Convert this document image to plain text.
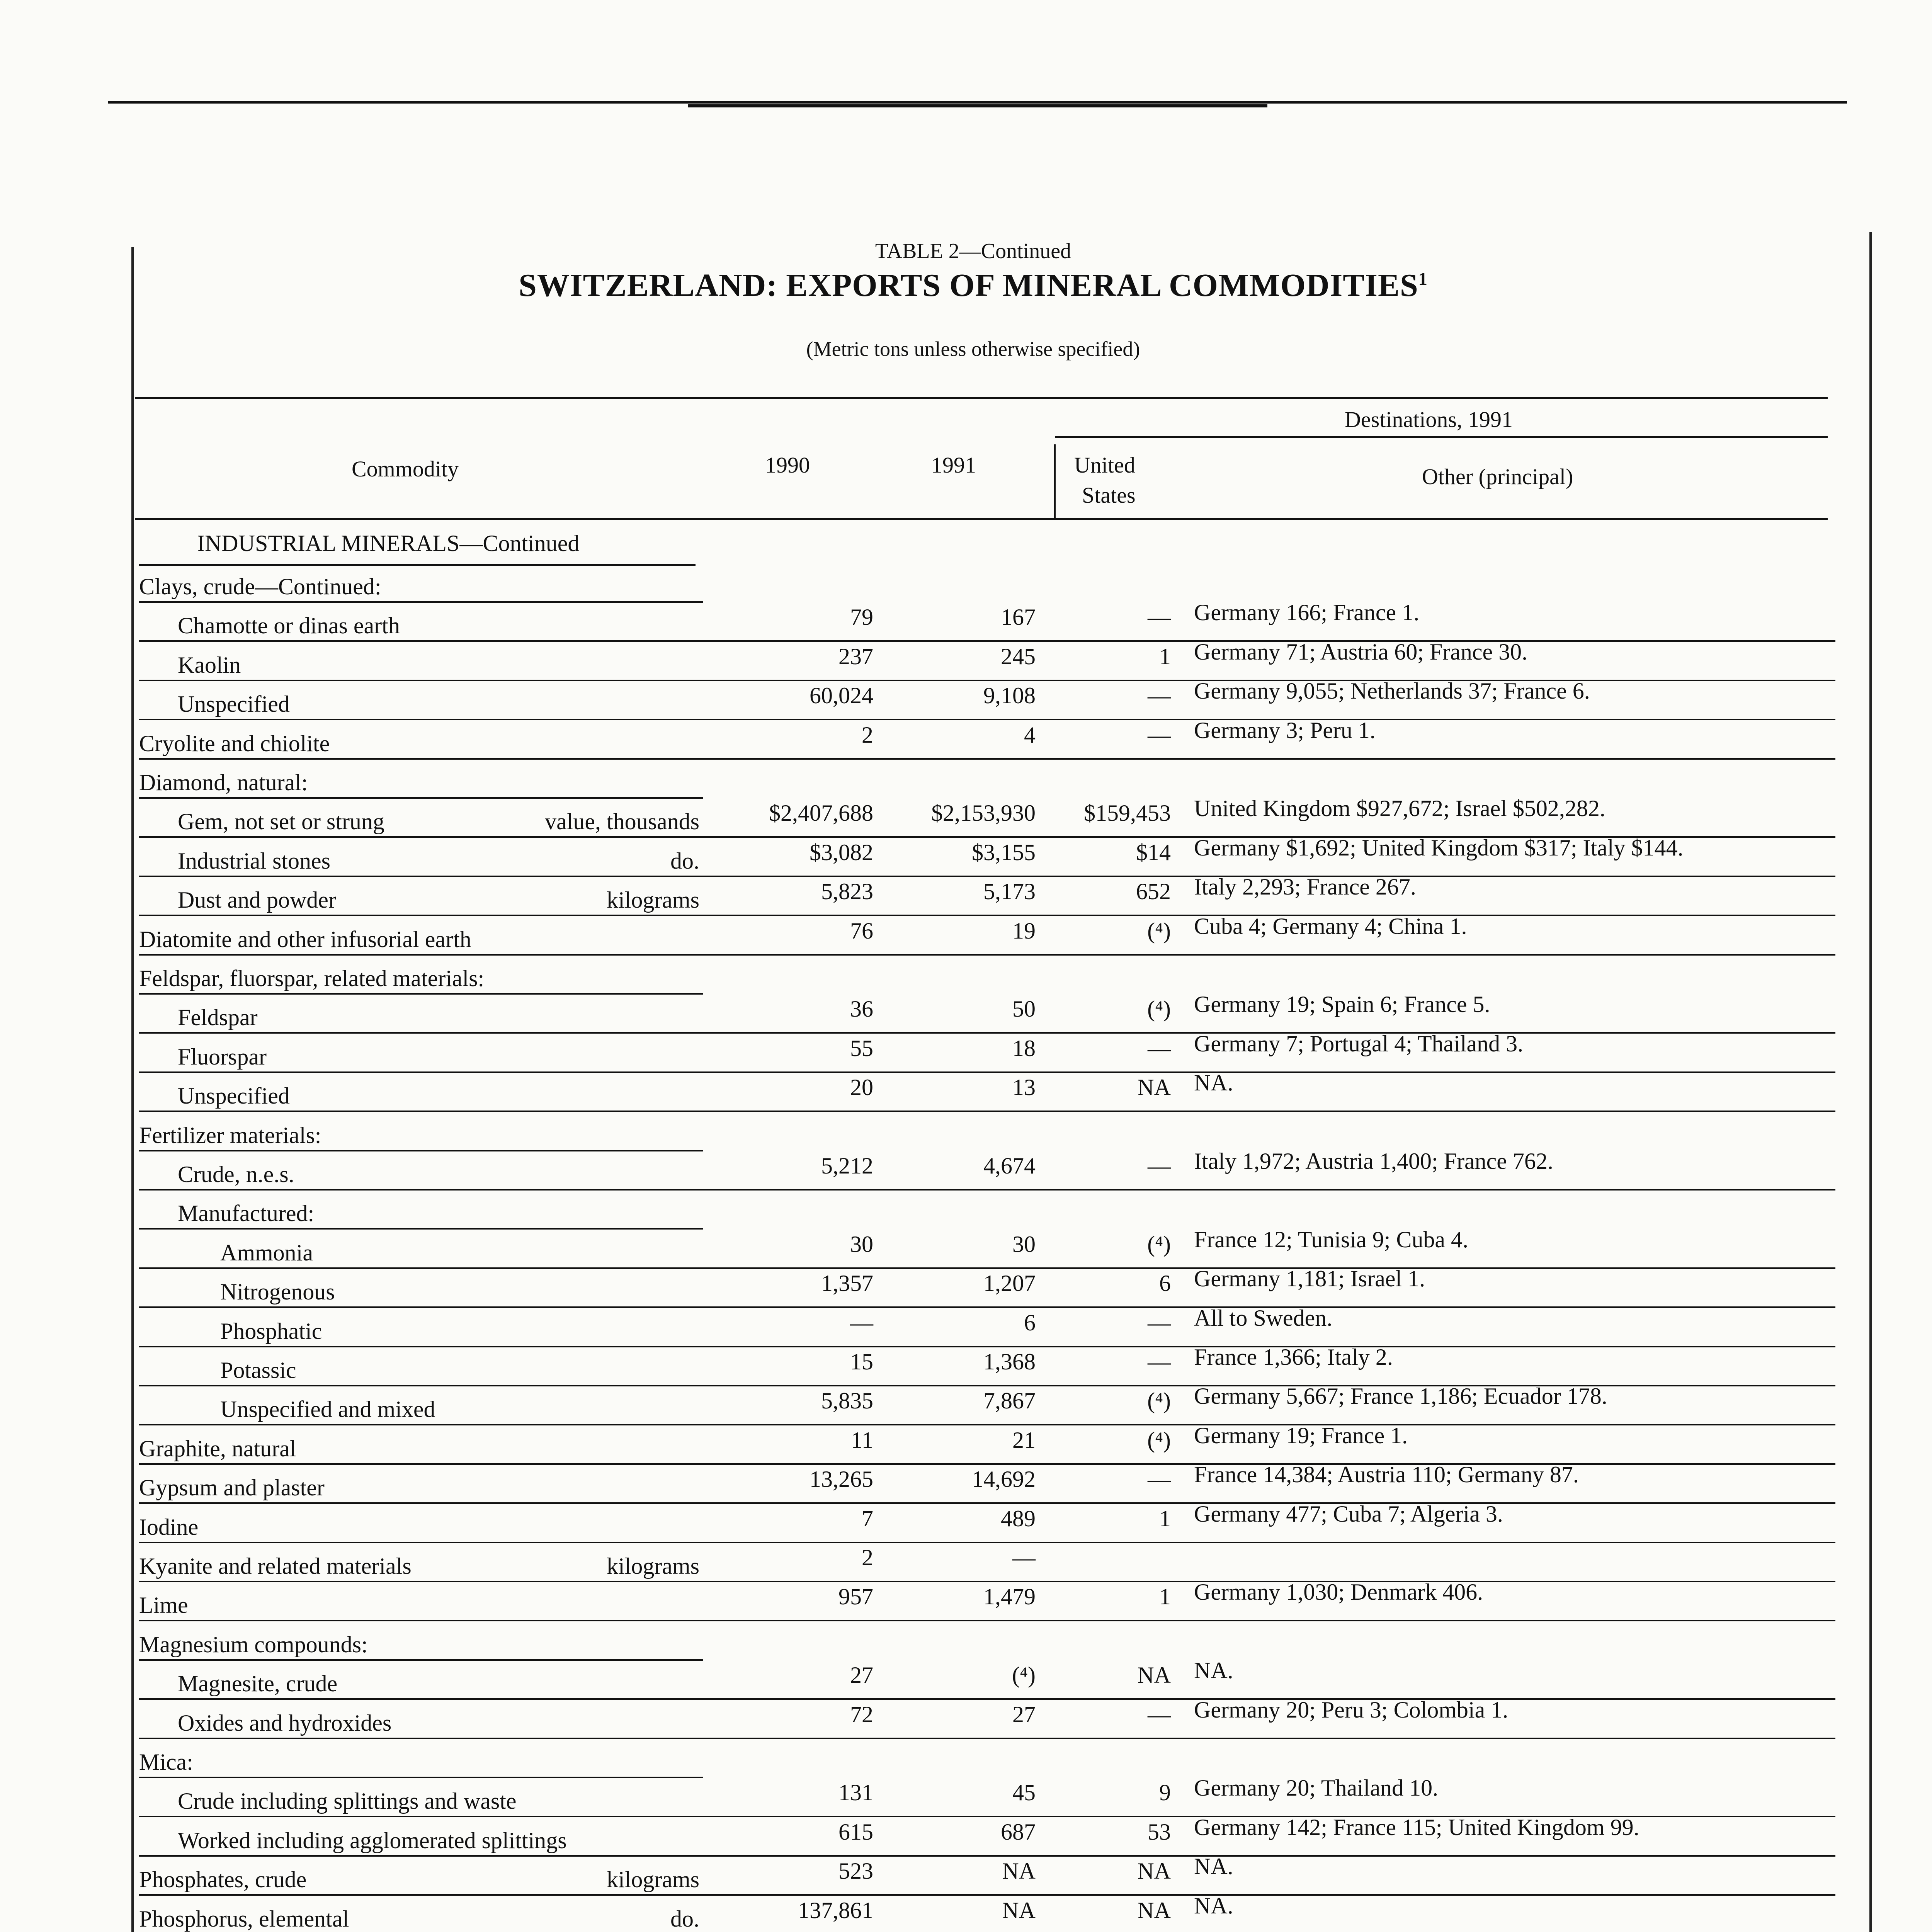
TABLE 2—Continued
SWITZERLAND: EXPORTS OF MINERAL COMMODITIES$^1$
(Metric tons unless otherwise specified)
Commodity	1990	1991
Destinations, 1991
United
States
Other (principal)
INDUSTRIAL MINERALS—Continued
Clays, crude—Continued:
Chamotte or dinas earth	79	167	— Germany 166; France 1.
Kaolin	237	245	1 Germany 71; Austria 60; France 30.
Unspecified	60,024	9,108	— Germany 9,055; Netherlands 37; France 6.
Cryolite and chiolite	2	4	— Germany 3; Peru 1.
Diamond, natural:
Gem, not set or strung	value, thousands	$2,407,688	$2,153,930	$159,453 United Kingdom $927,672; Israel $502,282.
Industrial stones	do.	$3,082	$3,155	$14 Germany $1,692; United Kingdom $317; Italy $144.
Dust and powder	kilograms	5,823	5,173	652 Italy 2,293; France 267.
Diatomite and other infusorial earth	76	19	(⁴) Cuba 4; Germany 4; China 1.
Feldspar, fluorspar, related materials:
Feldspar	36	50	(⁴) Germany 19; Spain 6; France 5.
Fluorspar	55	18	— Germany 7; Portugal 4; Thailand 3.
Unspecified	20	13	NA NA.
Fertilizer materials:
Crude, n.e.s.	5,212	4,674	— Italy 1,972; Austria 1,400; France 762.
Manufactured:
Ammonia	30	30	(⁴) France 12; Tunisia 9; Cuba 4.
Nitrogenous	1,357	1,207	6 Germany 1,181; Israel 1.
Phosphatic	—	6	— All to Sweden.
Potassic	15	1,368	— France 1,366; Italy 2.
Unspecified and mixed	5,835	7,867	(⁴) Germany 5,667; France 1,186; Ecuador 178.
Graphite, natural	11	21	(⁴) Germany 19; France 1.
Gypsum and plaster	13,265	14,692	— France 14,384; Austria 110; Germany 87.
Iodine	7	489	1 Germany 477; Cuba 7; Algeria 3.
Kyanite and related materials	kilograms	2	—
Lime	957	1,479	1 Germany 1,030; Denmark 406.
Magnesium compounds:
Magnesite, crude	27	(⁴)	NA NA.
Oxides and hydroxides	72	27	— Germany 20; Peru 3; Colombia 1.
Mica:
Crude including splittings and waste	131	45	9 Germany 20; Thailand 10.
Worked including agglomerated splittings	615	687	53 Germany 142; France 115; United Kingdom 99.
Phosphates, crude	kilograms	523	NA	NA NA.
Phosphorus, elemental	do.	137,861	NA	NA NA.
